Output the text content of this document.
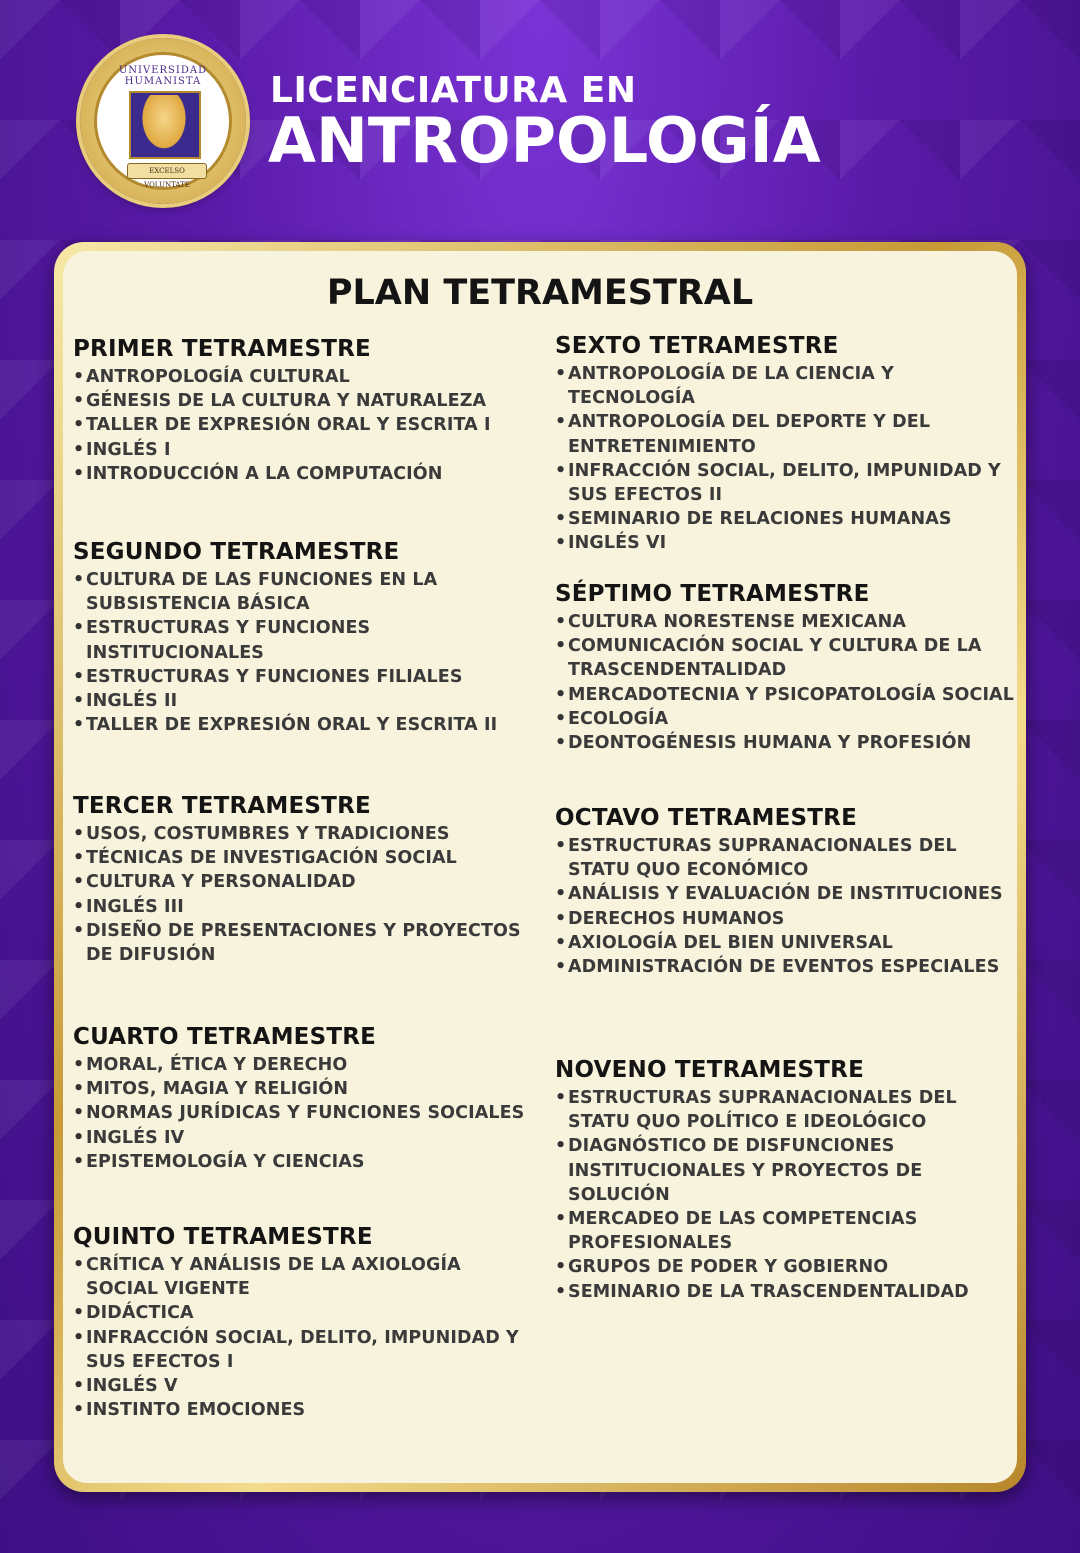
UNIVERSIDAD HUMANISTA
EXCELSO VOLUNTATE
LICENCIATURA EN
ANTROPOLOGÍA
PLAN TETRAMESTRAL
PRIMER TETRAMESTRE
• ANTROPOLOGÍA CULTURAL
• GÉNESIS DE LA CULTURA Y NATURALEZA
• TALLER DE EXPRESIÓN ORAL Y ESCRITA I
• INGLÉS I
• INTRODUCCIÓN A LA COMPUTACIÓN
SEGUNDO TETRAMESTRE
• CULTURA DE LAS FUNCIONES EN LA SUBSISTENCIA BÁSICA
• ESTRUCTURAS Y FUNCIONES INSTITUCIONALES
• ESTRUCTURAS Y FUNCIONES FILIALES
• INGLÉS II
• TALLER DE EXPRESIÓN ORAL Y ESCRITA II
TERCER TETRAMESTRE
• USOS, COSTUMBRES Y TRADICIONES
• TÉCNICAS DE INVESTIGACIÓN SOCIAL
• CULTURA Y PERSONALIDAD
• INGLÉS III
• DISEÑO DE PRESENTACIONES Y PROYECTOS DE DIFUSIÓN
CUARTO TETRAMESTRE
• MORAL, ÉTICA Y DERECHO
• MITOS, MAGIA Y RELIGIÓN
• NORMAS JURÍDICAS Y FUNCIONES SOCIALES
• INGLÉS IV
• EPISTEMOLOGÍA Y CIENCIAS
QUINTO TETRAMESTRE
• CRÍTICA Y ANÁLISIS DE LA AXIOLOGÍA SOCIAL VIGENTE
• DIDÁCTICA
• INFRACCIÓN SOCIAL, DELITO, IMPUNIDAD Y SUS EFECTOS I
• INGLÉS V
• INSTINTO EMOCIONES
SEXTO TETRAMESTRE
• ANTROPOLOGÍA DE LA CIENCIA Y TECNOLOGÍA
• ANTROPOLOGÍA DEL DEPORTE Y DEL ENTRETENIMIENTO
• INFRACCIÓN SOCIAL, DELITO, IMPUNIDAD Y SUS EFECTOS II
• SEMINARIO DE RELACIONES HUMANAS
• INGLÉS VI
SÉPTIMO TETRAMESTRE
• CULTURA NORESTENSE MEXICANA
• COMUNICACIÓN SOCIAL Y CULTURA DE LA TRASCENDENTALIDAD
• MERCADOTECNIA Y PSICOPATOLOGÍA SOCIAL
• ECOLOGÍA
• DEONTOGÉNESIS HUMANA Y PROFESIÓN
OCTAVO TETRAMESTRE
• ESTRUCTURAS SUPRANACIONALES DEL STATU QUO ECONÓMICO
• ANÁLISIS Y EVALUACIÓN DE INSTITUCIONES
• DERECHOS HUMANOS
• AXIOLOGÍA DEL BIEN UNIVERSAL
• ADMINISTRACIÓN DE EVENTOS ESPECIALES
NOVENO TETRAMESTRE
• ESTRUCTURAS SUPRANACIONALES DEL STATU QUO POLÍTICO E IDEOLÓGICO
• DIAGNÓSTICO DE DISFUNCIONES INSTITUCIONALES Y PROYECTOS DE SOLUCIÓN
• MERCADEO DE LAS COMPETENCIAS PROFESIONALES
• GRUPOS DE PODER Y GOBIERNO
• SEMINARIO DE LA TRASCENDENTALIDAD
